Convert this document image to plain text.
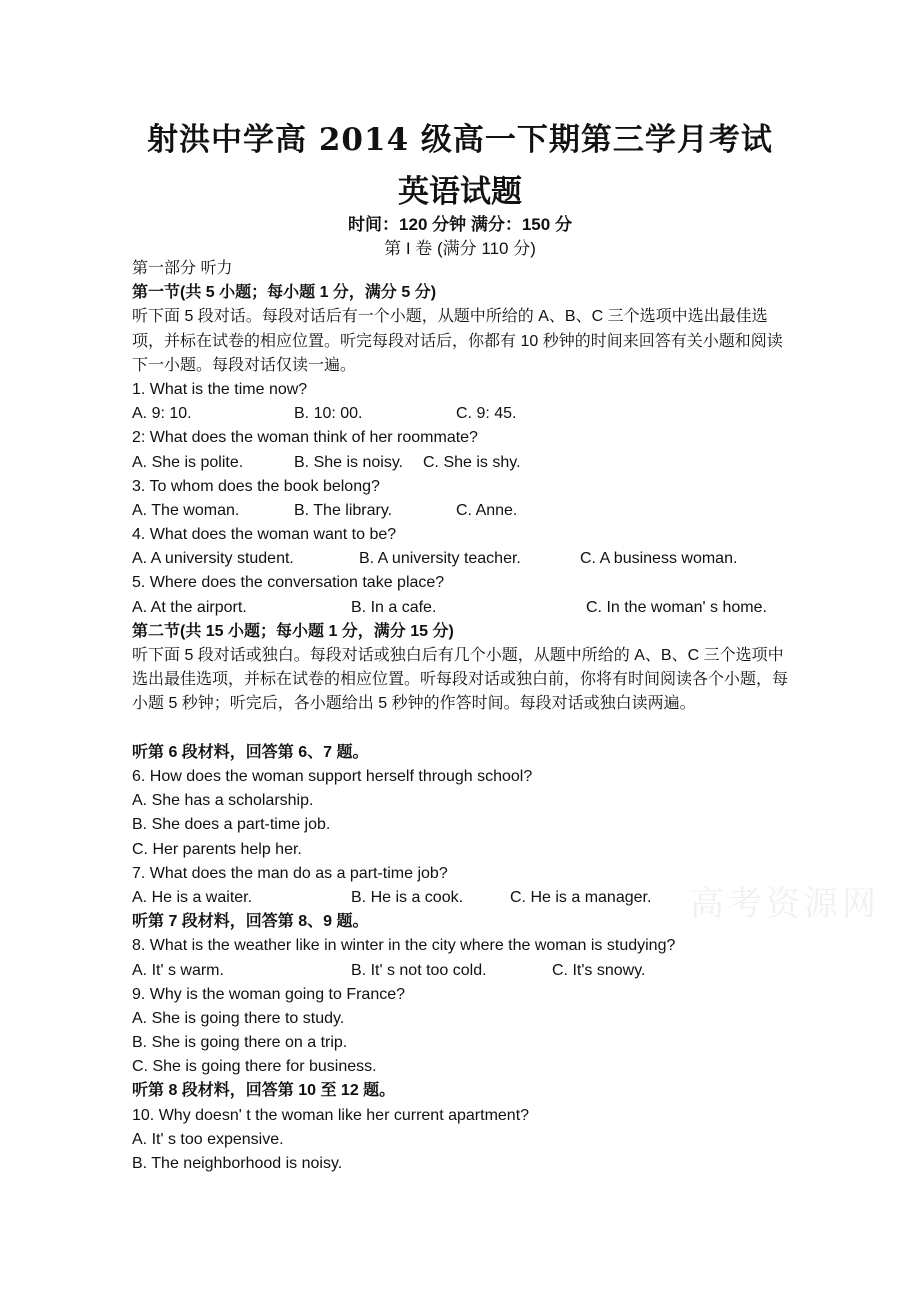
射洪中学高 2014 级高一下期第三学月考试
英语试题
时间：120 分钟 满分：150 分
第 I 卷 (满分 110 分)
第一部分 听力
第一节(共 5 小题；每小题 1 分，满分 5 分)
听下面 5 段对话。每段对话后有一个小题，从题中所给的 A、B、C 三个选项中选出最佳选项，并标在试卷的相应位置。听完每段对话后，你都有 10 秒钟的时间来回答有关小题和阅读下一小题。每段对话仅读一遍。
1. What is the time now?
A. 9: 10.	B. 10: 00.	C. 9: 45.
2: What does the woman think of her roommate?
A. She is polite.	B. She is noisy. C. She is shy.
3. To whom does the book belong?
A. The woman.	B. The library.	C. Anne.
4. What does the woman want to be?
A. A university student.	B. A university teacher.	C. A business woman.
5. Where does the conversation take place?
A. At the airport.	B. In a cafe.	C. In the woman' s home.
第二节(共 15 小题；每小题 1 分，满分 15 分)
听下面 5 段对话或独白。每段对话或独白后有几个小题，从题中所给的 A、B、C 三个选项中选出最佳选项，并标在试卷的相应位置。听每段对话或独白前，你将有时间阅读各个小题，每小题 5 秒钟；听完后，各小题给出 5 秒钟的作答时间。每段对话或独白读两遍。
听第 6 段材料，回答第 6、7 题。
6. How does the woman support herself through school?
A. She has a scholarship.
B. She does a part-time job.
C. Her parents help her.
7. What does the man do as a part-time job?
A. He is a waiter.	B. He is a cook.	C. He is a manager.
听第 7 段材料，回答第 8、9 题。
8. What is the weather like in winter in the city where the woman is studying?
A. It' s warm.	B. It' s not too cold.	C. It's snowy.
9. Why is the woman going to France?
A. She is going there to study.
B. She is going there on a trip.
C. She is going there for business.
听第 8 段材料，回答第 10 至 12 题。
10. Why doesn' t the woman like her current apartment?
A. It' s too expensive.
B. The neighborhood is noisy.
高考资源网
